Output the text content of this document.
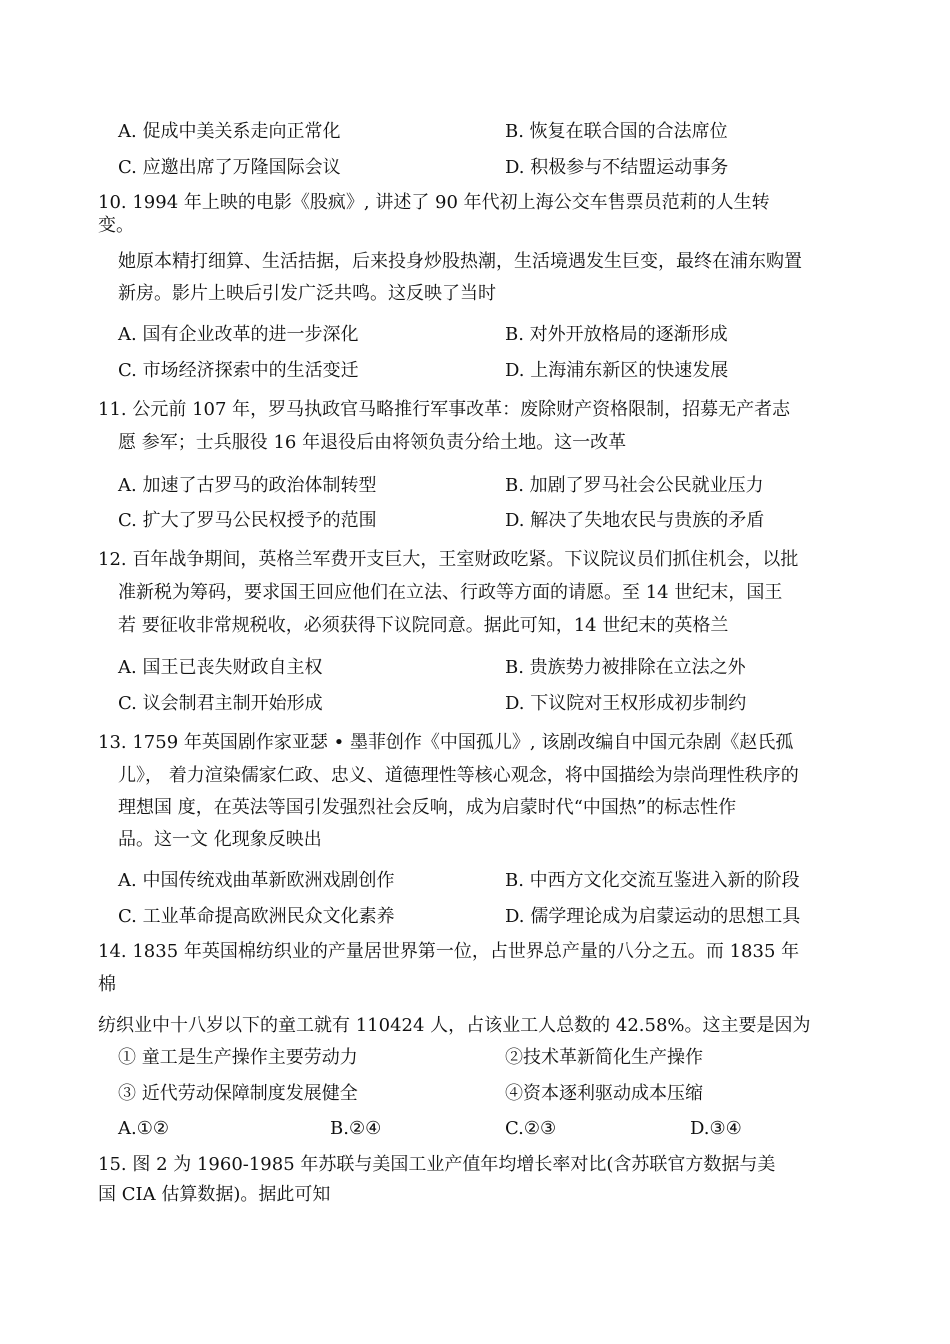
A. 促成中美关系走向正常化	B. 恢复在联合国的合法席位
C. 应邀出席了万隆国际会议	D. 积极参与不结盟运动事务
10. 1994 年上映的电影《股疯》, 讲述了 90 年代初上海公交车售票员范莉的人生转
变。
她原本精打细算、生活拮据，后来投身炒股热潮，生活境遇发生巨变，最终在浦东购置
新房。影片上映后引发广泛共鸣。这反映了当时
A. 国有企业改革的进一步深化	B. 对外开放格局的逐渐形成
C. 市场经济探索中的生活变迁	D. 上海浦东新区的快速发展
11. 公元前 107 年，罗马执政官马略推行军事改革：废除财产资格限制，招募无产者志
愿 参军；士兵服役 16 年退役后由将领负责分给土地。这一改革
A. 加速了古罗马的政治体制转型	B. 加剧了罗马社会公民就业压力
C. 扩大了罗马公民权授予的范围	D. 解决了失地农民与贵族的矛盾
12. 百年战争期间，英格兰军费开支巨大，王室财政吃紧。下议院议员们抓住机会，以批
准新税为筹码，要求国王回应他们在立法、行政等方面的请愿。至 14 世纪末，国王
若 要征收非常规税收，必须获得下议院同意。据此可知，14 世纪末的英格兰
A. 国王已丧失财政自主权	B. 贵族势力被排除在立法之外
C. 议会制君主制开始形成	D. 下议院对王权形成初步制约
13. 1759 年英国剧作家亚瑟 • 墨菲创作《中国孤儿》, 该剧改编自中国元杂剧《赵氏孤
儿》， 着力渲染儒家仁政、忠义、道德理性等核心观念，将中国描绘为崇尚理性秩序的
理想国 度，在英法等国引发强烈社会反响，成为启蒙时代“中国热”的标志性作
品。这一文 化现象反映出
A. 中国传统戏曲革新欧洲戏剧创作	B. 中西方文化交流互鉴进入新的阶段
C. 工业革命提高欧洲民众文化素养	D. 儒学理论成为启蒙运动的思想工具
14. 1835 年英国棉纺织业的产量居世界第一位，占世界总产量的八分之五。而 1835 年
棉
纺织业中十八岁以下的童工就有 110424 人，占该业工人总数的 42.58%。这主要是因为
① 童工是生产操作主要劳动力	②技术革新简化生产操作
③ 近代劳动保障制度发展健全	④资本逐利驱动成本压缩
A.①②	B.②④	C.②③	D.③④
15. 图 2 为 1960-1985 年苏联与美国工业产值年均增长率对比(含苏联官方数据与美
国 CIA 估算数据)。据此可知
